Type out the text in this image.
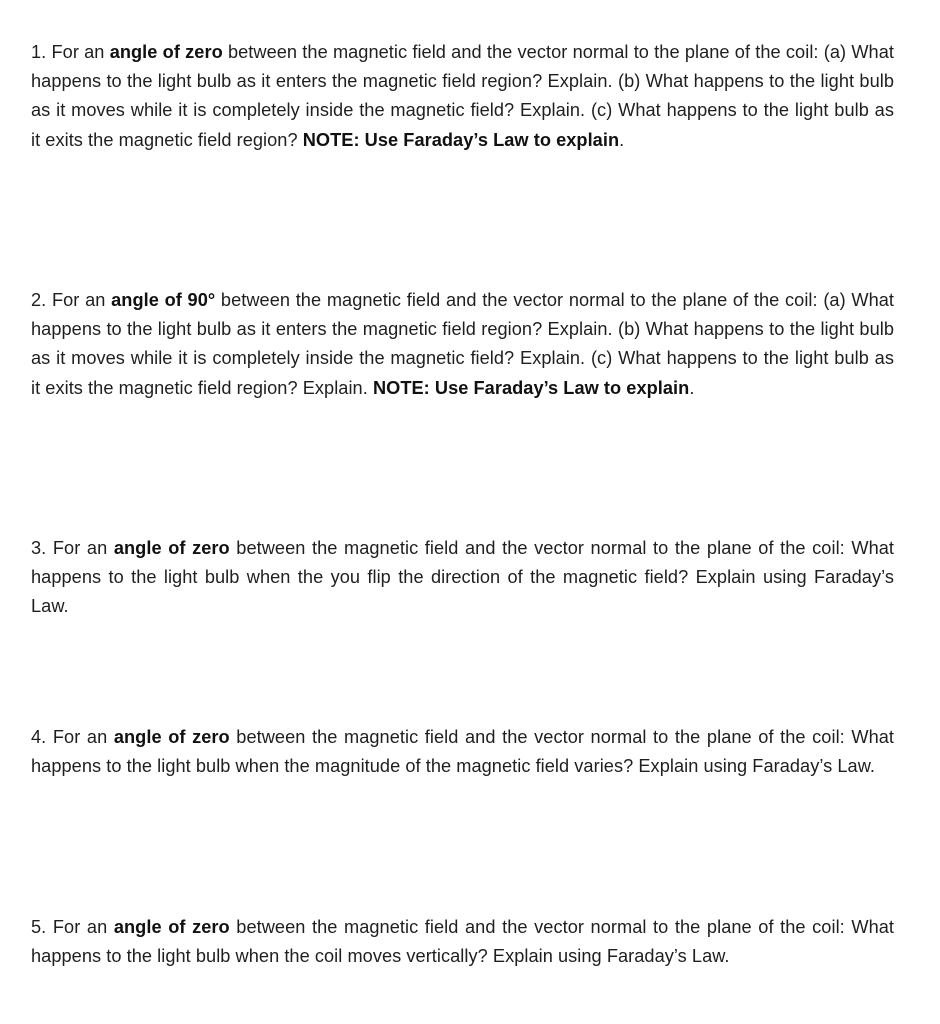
1. For an angle of zero between the magnetic field and the vector normal to the plane of the coil: (a) What happens to the light bulb as it enters the magnetic field region? Explain. (b) What happens to the light bulb as it moves while it is completely inside the magnetic field? Explain. (c) What happens to the light bulb as it exits the magnetic field region? NOTE: Use Faraday’s Law to explain.

2. For an angle of 90° between the magnetic field and the vector normal to the plane of the coil: (a) What happens to the light bulb as it enters the magnetic field region? Explain. (b) What happens to the light bulb as it moves while it is completely inside the magnetic field? Explain. (c) What happens to the light bulb as it exits the magnetic field region? Explain. NOTE: Use Faraday’s Law to explain.

3. For an angle of zero between the magnetic field and the vector normal to the plane of the coil: What happens to the light bulb when the you flip the direction of the magnetic field? Explain using Faraday’s Law.

4. For an angle of zero between the magnetic field and the vector normal to the plane of the coil: What happens to the light bulb when the magnitude of the magnetic field varies? Explain using Faraday’s Law.

5. For an angle of zero between the magnetic field and the vector normal to the plane of the coil: What happens to the light bulb when the coil moves vertically? Explain using Faraday’s Law.
